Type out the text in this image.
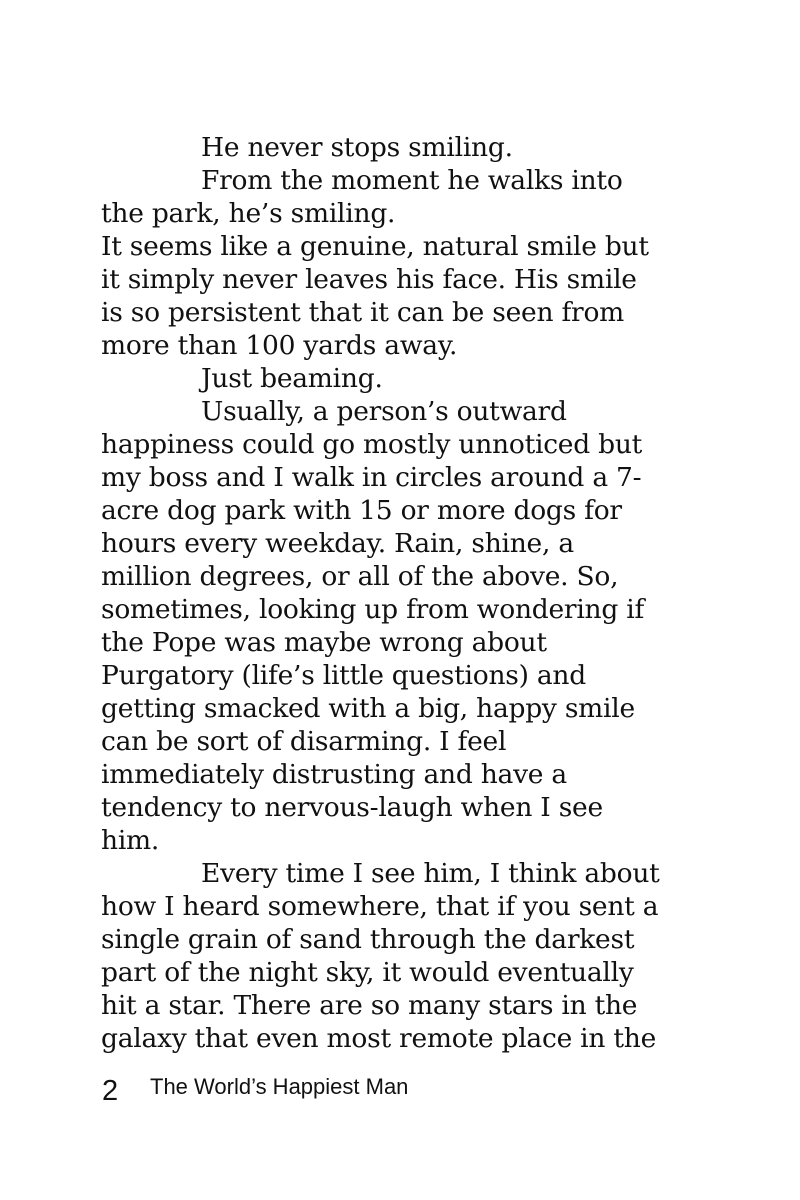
He never stops smiling.
From the moment he walks into
the park, he’s smiling.
It seems like a genuine, natural smile but
it simply never leaves his face. His smile
is so persistent that it can be seen from
more than 100 yards away.
Just beaming.
Usually, a person’s outward
happiness could go mostly unnoticed but
my boss and I walk in circles around a 7-
acre dog park with 15 or more dogs for
hours every weekday. Rain, shine, a
million degrees, or all of the above. So,
sometimes, looking up from wondering if
the Pope was maybe wrong about
Purgatory (life’s little questions) and
getting smacked with a big, happy smile
can be sort of disarming. I feel
immediately distrusting and have a
tendency to nervous-laugh when I see
him.
Every time I see him, I think about
how I heard somewhere, that if you sent a
single grain of sand through the darkest
part of the night sky, it would eventually
hit a star. There are so many stars in the
galaxy that even most remote place in the
2 The World’s Happiest Man
